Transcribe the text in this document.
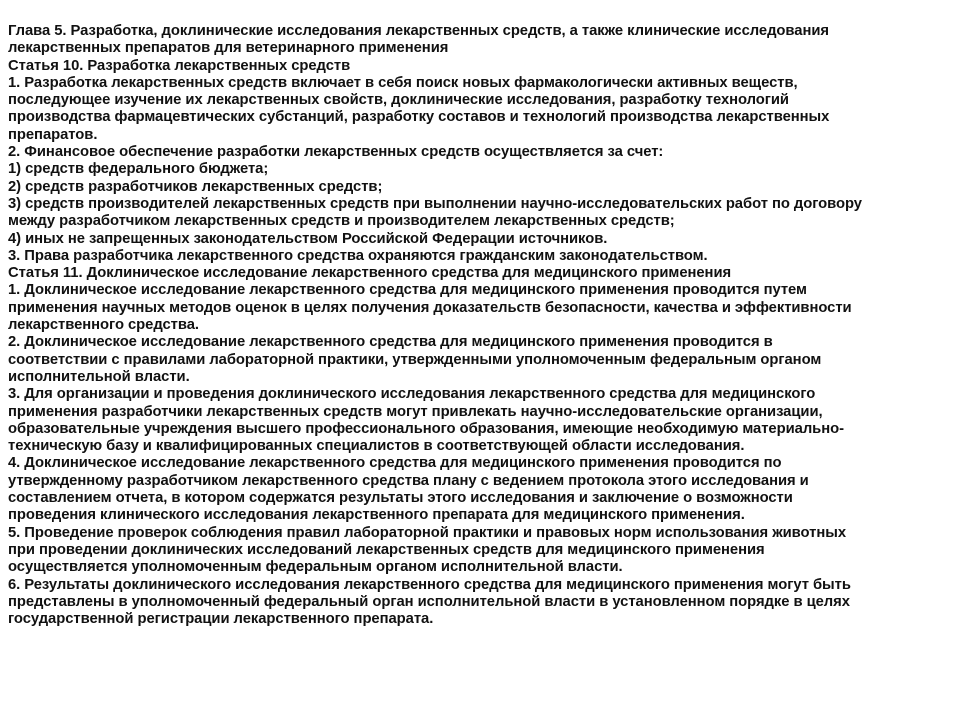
Глава 5. Разработка, доклинические исследования лекарственных средств, а также клинические исследования
лекарственных препаратов для ветеринарного применения
Статья 10. Разработка лекарственных средств
1. Разработка лекарственных средств включает в себя поиск новых фармакологически активных веществ,
последующее изучение их лекарственных свойств, доклинические исследования, разработку технологий
производства фармацевтических субстанций, разработку составов и технологий производства лекарственных
препаратов.
2. Финансовое обеспечение разработки лекарственных средств осуществляется за счет:
1) средств федерального бюджета;
2) средств разработчиков лекарственных средств;
3) средств производителей лекарственных средств при выполнении научно-исследовательских работ по договору
между разработчиком лекарственных средств и производителем лекарственных средств;
4) иных не запрещенных законодательством Российской Федерации источников.
3. Права разработчика лекарственного средства охраняются гражданским законодательством.
Статья 11. Доклиническое исследование лекарственного средства для медицинского применения
1. Доклиническое исследование лекарственного средства для медицинского применения проводится путем
применения научных методов оценок в целях получения доказательств безопасности, качества и эффективности
лекарственного средства.
2. Доклиническое исследование лекарственного средства для медицинского применения проводится в
соответствии с правилами лабораторной практики, утвержденными уполномоченным федеральным органом
исполнительной власти.
3. Для организации и проведения доклинического исследования лекарственного средства для медицинского
применения разработчики лекарственных средств могут привлекать научно-исследовательские организации,
образовательные учреждения высшего профессионального образования, имеющие необходимую материально-
техническую базу и квалифицированных специалистов в соответствующей области исследования.
4. Доклиническое исследование лекарственного средства для медицинского применения проводится по
утвержденному разработчиком лекарственного средства плану с ведением протокола этого исследования и
составлением отчета, в котором содержатся результаты этого исследования и заключение о возможности
проведения клинического исследования лекарственного препарата для медицинского применения.
5. Проведение проверок соблюдения правил лабораторной практики и правовых норм использования животных
при проведении доклинических исследований лекарственных средств для медицинского применения
осуществляется уполномоченным федеральным органом исполнительной власти.
6. Результаты доклинического исследования лекарственного средства для медицинского применения могут быть
представлены в уполномоченный федеральный орган исполнительной власти в установленном порядке в целях
государственной регистрации лекарственного препарата.
